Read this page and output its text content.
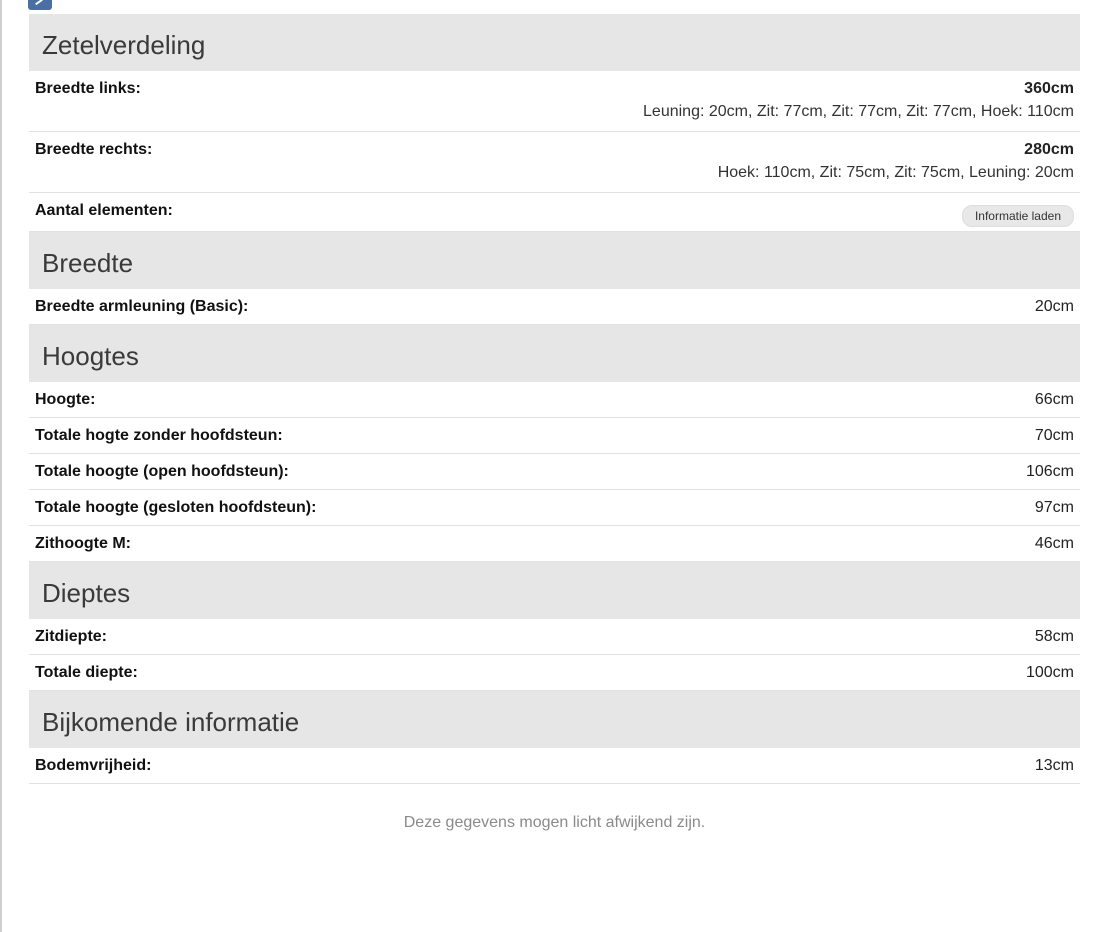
Zetelverdeling
Breedte links:	360cm
Leuning: 20cm, Zit: 77cm, Zit: 77cm, Zit: 77cm, Hoek: 110cm
Breedte rechts:	280cm
Hoek: 110cm, Zit: 75cm, Zit: 75cm, Leuning: 20cm
Aantal elementen:	Informatie laden
Breedte
Breedte armleuning (Basic):	20cm
Hoogtes
Hoogte:	66cm
Totale hogte zonder hoofdsteun:	70cm
Totale hoogte (open hoofdsteun):	106cm
Totale hoogte (gesloten hoofdsteun):	97cm
Zithoogte M:	46cm
Dieptes
Zitdiepte:	58cm
Totale diepte:	100cm
Bijkomende informatie
Bodemvrijheid:	13cm
Deze gegevens mogen licht afwijkend zijn.
